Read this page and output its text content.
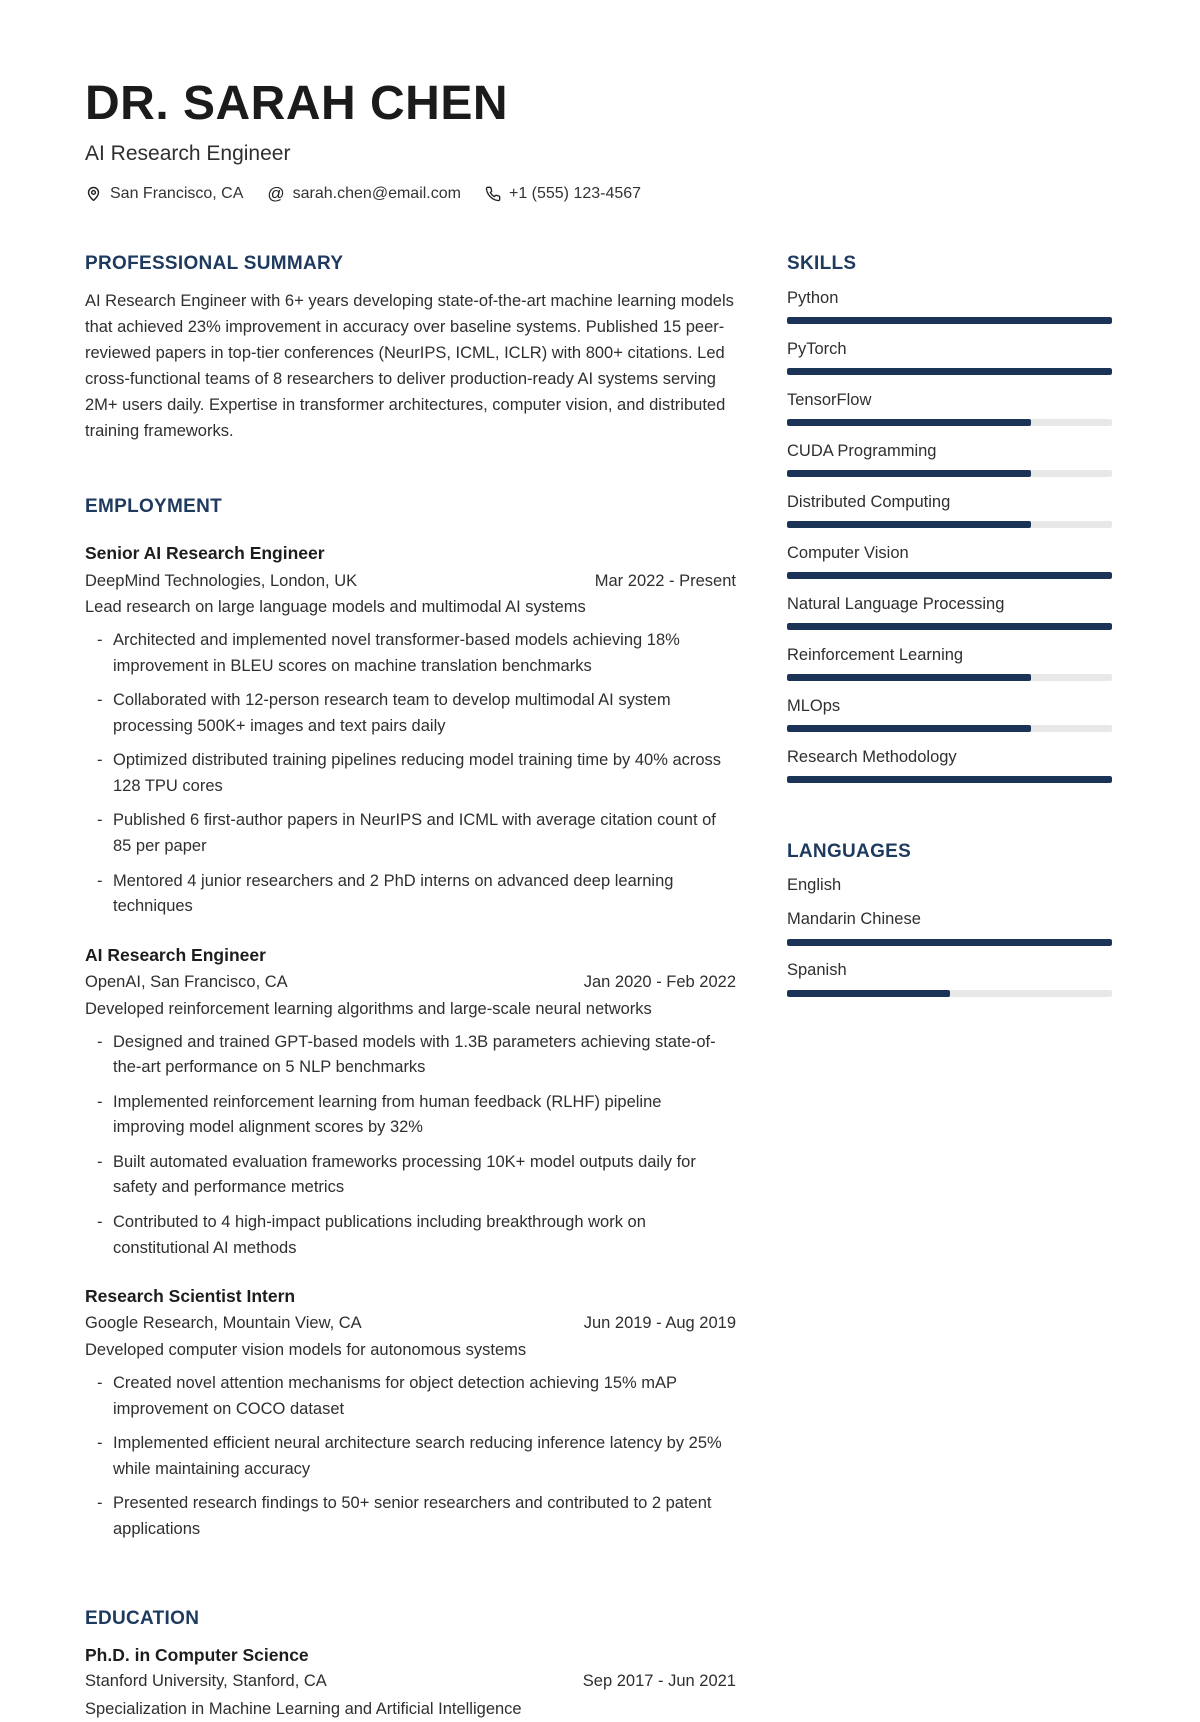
DR. SARAH CHEN
AI Research Engineer
San Francisco, CA @ sarah.chen@email.com	+1 (555) 123-4567
PROFESSIONAL SUMMARY

AI Research Engineer with 6+ years developing state-of-the-art machine learning models that achieved 23% improvement in accuracy over baseline systems. Published 15 peer-reviewed papers in top-tier conferences (NeurIPS, ICML, ICLR) with 800+ citations. Led cross-functional teams of 8 researchers to deliver production-ready AI systems serving 2M+ users daily. Expertise in transformer architectures, computer vision, and distributed training frameworks.

EMPLOYMENT
Senior AI Research Engineer
DeepMind Technologies, London, UK	Mar 2022 - Present
Lead research on large language models and multimodal AI systems
- Architected and implemented novel transformer-based models achieving 18% improvement in BLEU scores on machine translation benchmarks
- Collaborated with 12-person research team to develop multimodal AI system processing 500K+ images and text pairs daily
- Optimized distributed training pipelines reducing model training time by 40% across 128 TPU cores
- Published 6 first-author papers in NeurIPS and ICML with average citation count of 85 per paper
- Mentored 4 junior researchers and 2 PhD interns on advanced deep learning techniques
AI Research Engineer
OpenAI, San Francisco, CA	Jan 2020 - Feb 2022
Developed reinforcement learning algorithms and large-scale neural networks
- Designed and trained GPT-based models with 1.3B parameters achieving state-of-the-art performance on 5 NLP benchmarks
- Implemented reinforcement learning from human feedback (RLHF) pipeline improving model alignment scores by 32%
- Built automated evaluation frameworks processing 10K+ model outputs daily for safety and performance metrics
- Contributed to 4 high-impact publications including breakthrough work on constitutional AI methods
Research Scientist Intern
Google Research, Mountain View, CA	Jun 2019 - Aug 2019
Developed computer vision models for autonomous systems
- Created novel attention mechanisms for object detection achieving 15% mAP improvement on COCO dataset
- Implemented efficient neural architecture search reducing inference latency by 25% while maintaining accuracy
- Presented research findings to 50+ senior researchers and contributed to 2 patent applications
EDUCATION
Ph.D. in Computer Science
Stanford University, Stanford, CA	Sep 2017 - Jun 2021
Specialization in Machine Learning and Artificial Intelligence
SKILLS
Python
PyTorch
TensorFlow
CUDA Programming
Distributed Computing
Computer Vision
Natural Language Processing
Reinforcement Learning
MLOps
Research Methodology
LANGUAGES
English
Mandarin Chinese
Spanish
